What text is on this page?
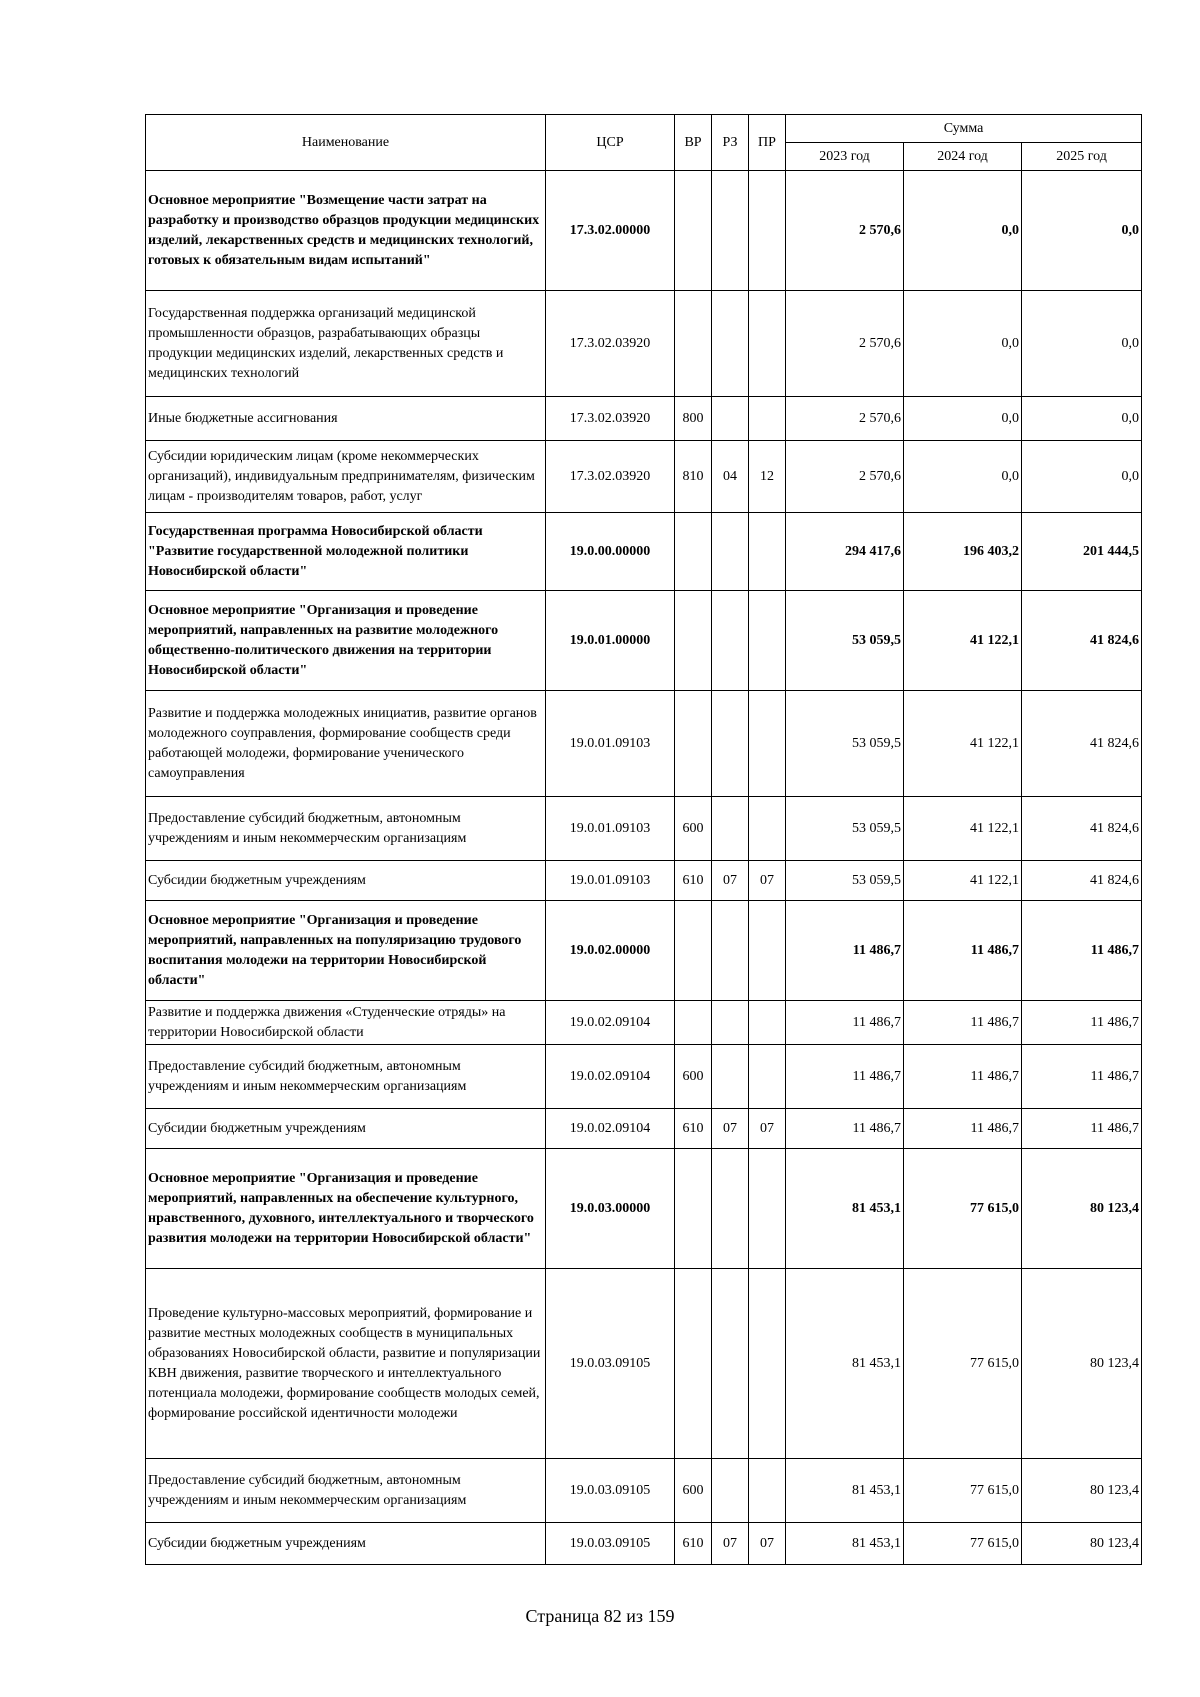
Наименование	ЦСР	ВР	РЗ	ПР	Сумма		
					2023 год	2024 год	2025 год
Основное мероприятие "Возмещение части затрат на разработку и производство образцов продукции медицинских изделий, лекарственных средств и медицинских технологий, готовых к обязательным видам испытаний"	17.3.02.00000				2 570,6	0,0	0,0
Государственная поддержка организаций медицинской промышленности образцов, разрабатывающих образцы продукции медицинских изделий, лекарственных средств и медицинских технологий	17.3.02.03920				2 570,6	0,0	0,0
Иные бюджетные ассигнования	17.3.02.03920	800			2 570,6	0,0	0,0
Субсидии юридическим лицам (кроме некоммерческих организаций), индивидуальным предпринимателям, физическим лицам - производителям товаров, работ, услуг	17.3.02.03920	810	04	12	2 570,6	0,0	0,0
Государственная программа Новосибирской области "Развитие государственной молодежной политики Новосибирской области"	19.0.00.00000				294 417,6	196 403,2	201 444,5
Основное мероприятие "Организация и проведение мероприятий, направленных на развитие молодежного общественно-политического движения на территории Новосибирской области"	19.0.01.00000				53 059,5	41 122,1	41 824,6
Развитие и поддержка молодежных инициатив, развитие органов молодежного соуправления, формирование сообществ среди работающей молодежи, формирование ученического самоуправления	19.0.01.09103				53 059,5	41 122,1	41 824,6
Предоставление субсидий бюджетным, автономным учреждениям и иным некоммерческим организациям	19.0.01.09103	600			53 059,5	41 122,1	41 824,6
Субсидии бюджетным учреждениям	19.0.01.09103	610	07	07	53 059,5	41 122,1	41 824,6
Основное мероприятие "Организация и проведение мероприятий, направленных на популяризацию трудового воспитания молодежи на территории Новосибирской области"	19.0.02.00000				11 486,7	11 486,7	11 486,7
Развитие и поддержка движения «Студенческие отряды» на территории Новосибирской области	19.0.02.09104				11 486,7	11 486,7	11 486,7
Предоставление субсидий бюджетным, автономным учреждениям и иным некоммерческим организациям	19.0.02.09104	600			11 486,7	11 486,7	11 486,7
Субсидии бюджетным учреждениям	19.0.02.09104	610	07	07	11 486,7	11 486,7	11 486,7
Основное мероприятие "Организация и проведение мероприятий, направленных на обеспечение культурного, нравственного, духовного, интеллектуального и творческого развития молодежи на территории Новосибирской области"	19.0.03.00000				81 453,1	77 615,0	80 123,4
Проведение культурно-массовых мероприятий, формирование и развитие местных молодежных сообществ в муниципальных образованиях Новосибирской области, развитие и популяризации КВН движения, развитие творческого и интеллектуального потенциала молодежи, формирование сообществ молодых семей, формирование российской идентичности молодежи	19.0.03.09105				81 453,1	77 615,0	80 123,4
Предоставление субсидий бюджетным, автономным учреждениям и иным некоммерческим организациям	19.0.03.09105	600			81 453,1	77 615,0	80 123,4
Субсидии бюджетным учреждениям	19.0.03.09105	610	07	07	81 453,1	77 615,0	80 123,4
Страница 82 из 159
